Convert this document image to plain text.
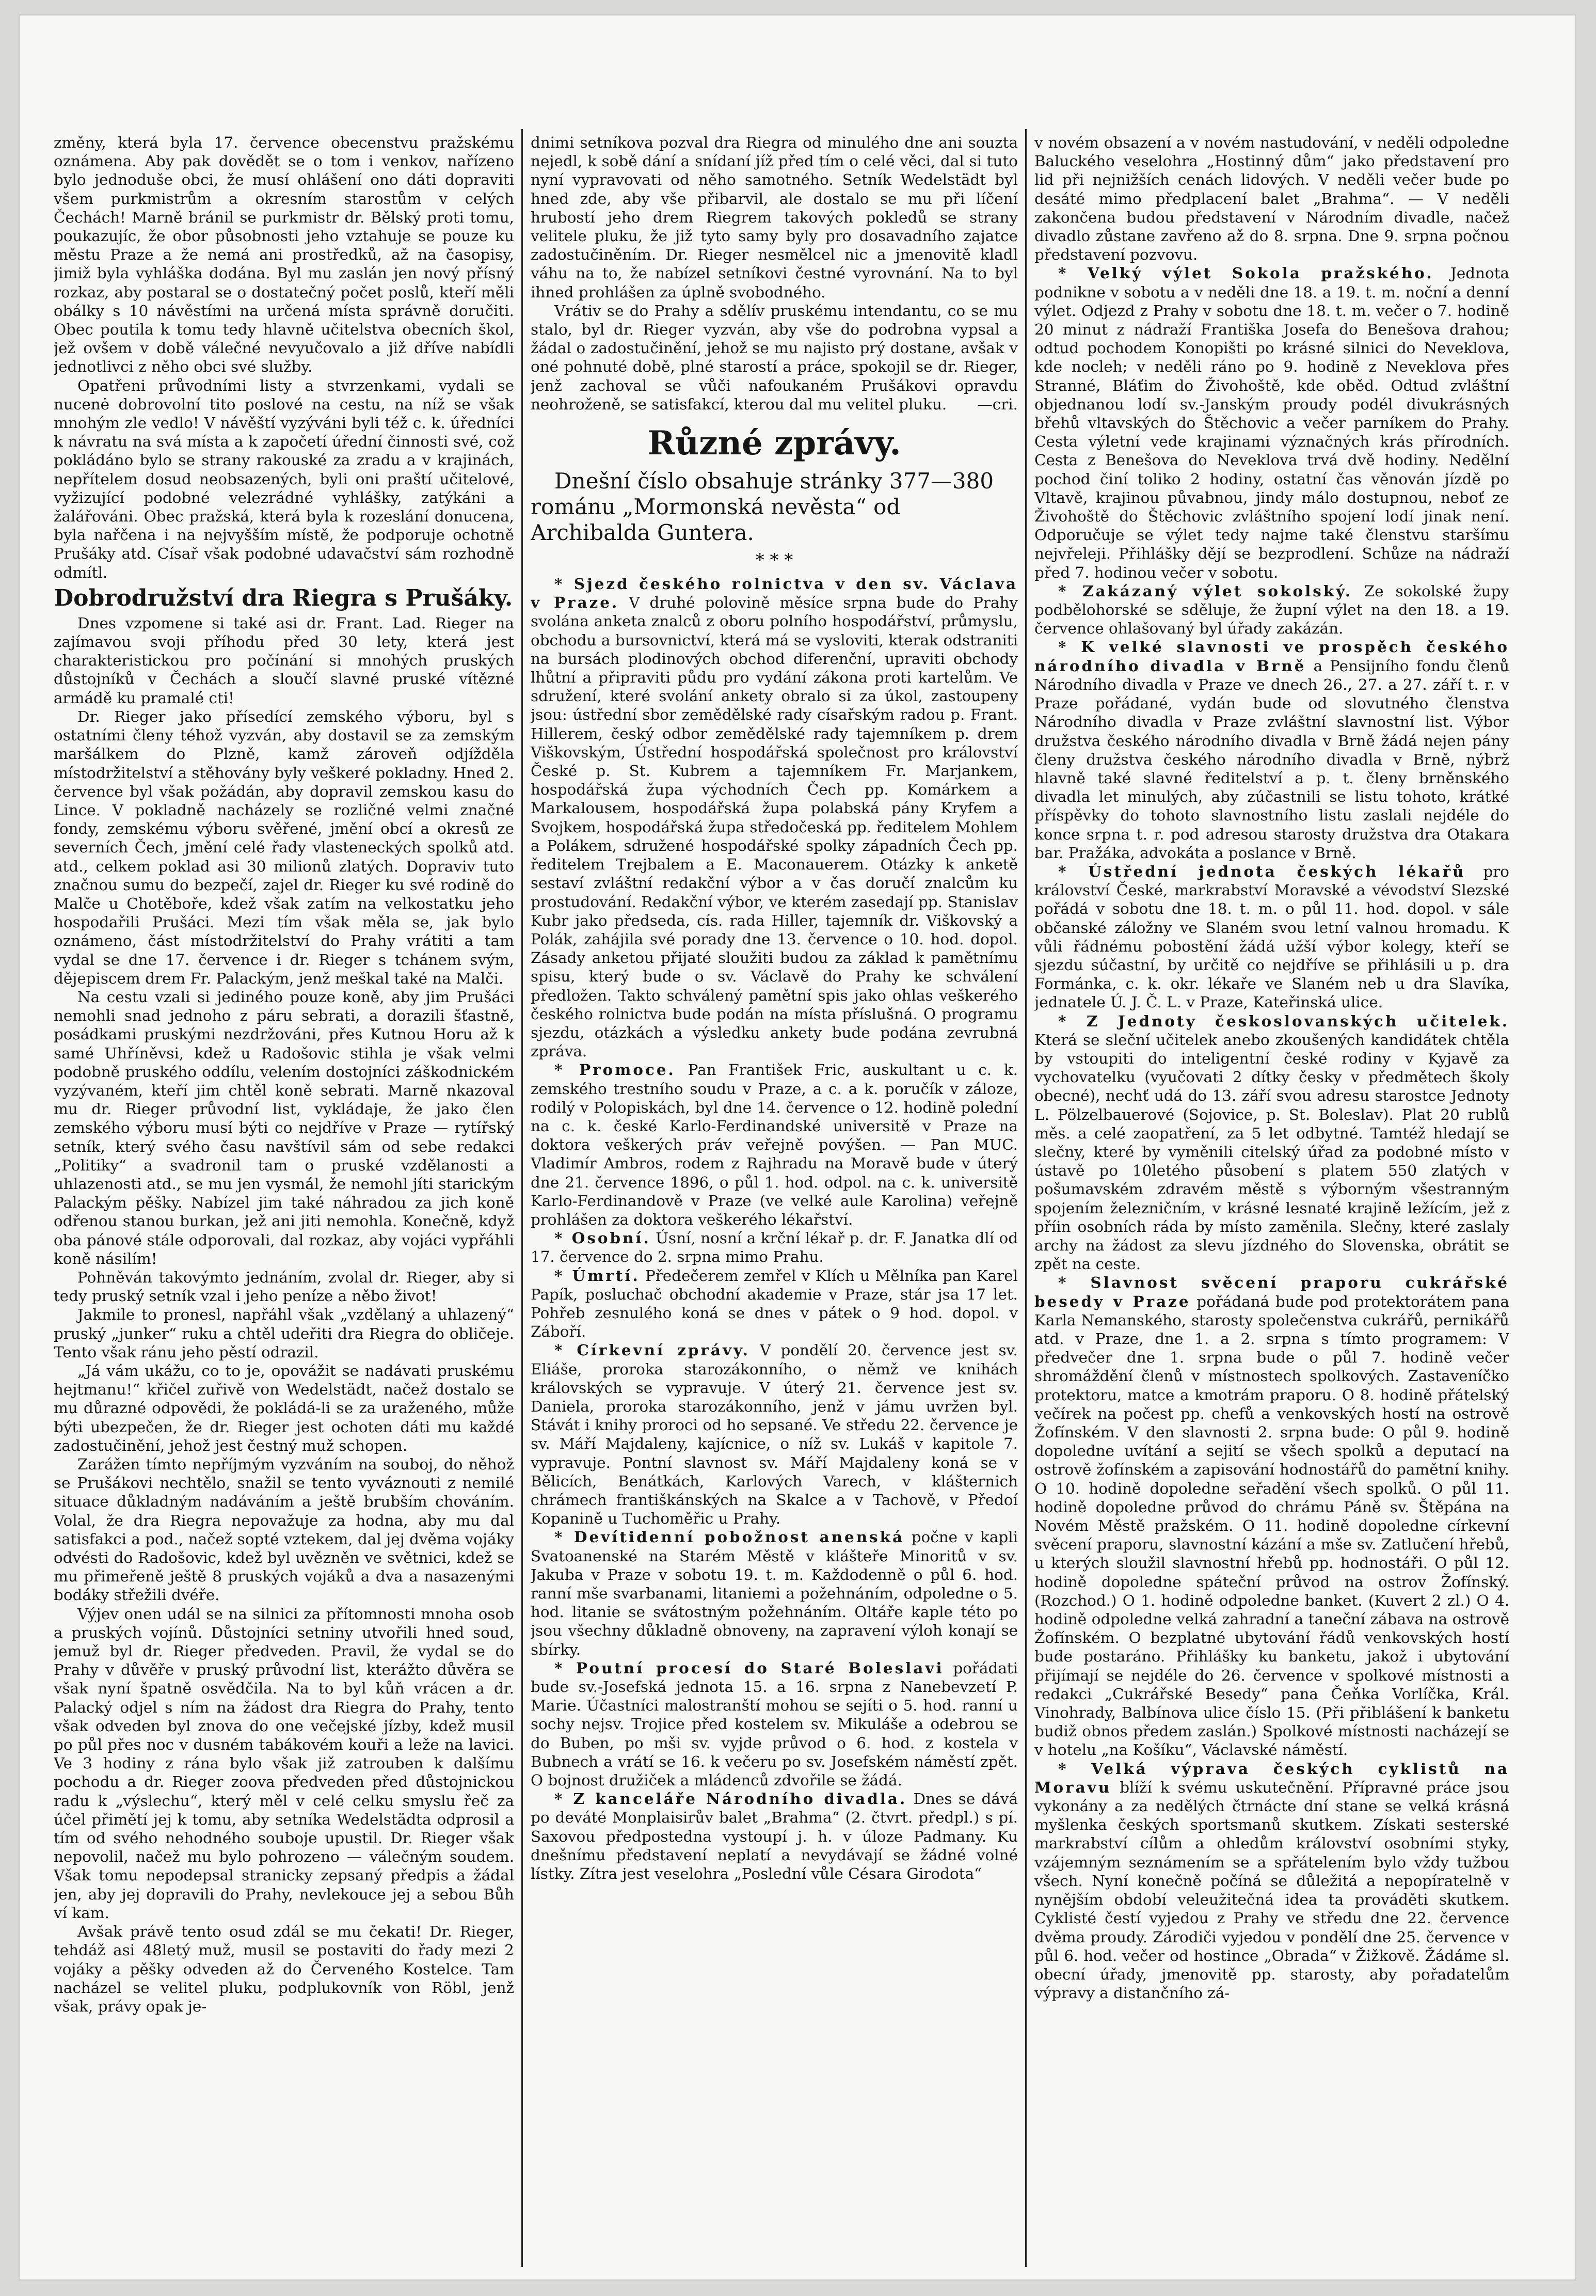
změny, která byla 17. července obecenstvu pražskému oznámena. Aby pak dovědět se o tom i venkov, nařízeno bylo jednoduše obci, že musí ohlášení ono dáti dopraviti všem purkmistrům a okresním starostům v celých Čechách! Marně bránil se purkmistr dr. Bělský proti tomu, poukazujíc, že obor působnosti jeho vztahuje se pouze ku městu Praze a že nemá ani prostředků, až na časopisy, jimiž byla vyhláška dodána. Byl mu zaslán jen nový přísný rozkaz, aby postaral se o dostatečný počet poslů, kteří měli obálky s 10 návěstími na určená místa správně doručiti. Obec poutila k tomu tedy hlavně učitelstva obecních škol, jež ovšem v době válečné nevyučovalo a již dříve nabídli jednotlivci z něho obci své služby.

Opatřeni průvodními listy a stvrzenkami, vydali se nucenė dobrovolní tito poslové na cestu, na níž se však mnohým zle vedlo! V návěští vyzýváni byli též c. k. úředníci k návratu na svá místa a k započetí úřední činnosti své, což pokládáno bylo se strany rakouské za zradu a v krajinách, nepřítelem dosud neobsazených, byli oni praští učitelové, vyžizující podobné velezrádné vyhlášky, zatýkáni a žalářováni. Obec pražská, která byla k rozeslání donucena, byla nařčena i na nejvyšším místě, že podporuje ochotně Prušáky atd. Císař však podobné udavačství sám rozhodně odmítl.

Dobrodružství dra Riegra s Prušáky.

Dnes vzpomene si také asi dr. Frant. Lad. Rieger na zajímavou svoji příhodu před 30 lety, která jest charakteristickou pro počínání si mnohých pruských důstojníků v Čechách a sloučí slavné pruské vítězné armádě ku pramalé cti!

Dr. Rieger jako přísedící zemského výboru, byl s ostatními členy téhož vyzván, aby dostavil se za zemským maršálkem do Plzně, kamž zároveň odjížděla místodržitelství a stěhovány byly veškeré pokladny. Hned 2. července byl však požádán, aby dopravil zemskou kasu do Lince. V pokladně nacházely se rozličné velmi značné fondy, zemskému výboru svěřené, jmění obcí a okresů ze severních Čech, jmění celé řady vlasteneckých spolků atd. atd., celkem poklad asi 30 milionů zlatých. Dopraviv tuto značnou sumu do bezpečí, zajel dr. Rieger ku své rodině do Malče u Chotěboře, kdež však zatím na velkostatku jeho hospodařili Prušáci. Mezi tím však měla se, jak bylo oznámeno, část místodržitelství do Prahy vrátiti a tam vydal se dne 17. července i dr. Rieger s tchánem svým, dějepiscem drem Fr. Palackým, jenž meškal také na Malči.

Na cestu vzali si jediného pouze koně, aby jim Prušáci nemohli snad jednoho z páru sebrati, a dorazili šťastně, posádkami pruskými nezdržováni, přes Kutnou Horu až k samé Uhříněvsi, kdež u Radošovic stihla je však velmi podobně pruského oddílu, velením dostojníci záškodnickém vyzývaném, kteří jim chtěl koně sebrati. Marně nkazoval mu dr. Rieger průvodní list, vykládaje, že jako člen zemského výboru musí býti co nejdříve v Praze — rytířský setník, který svého času navštívil sám od sebe redakci „Politiky“ a svadronil tam o pruské vzdělanosti a uhlazenosti atd., se mu jen vysmál, že nemohl jíti starickým Palackým pěšky. Nabízel jim také náhradou za jich koně odřenou stanou burkan, jež ani jiti nemohla. Konečně, když oba pánové stále odporovali, dal rozkaz, aby vojáci vypřáhli koně násilím!

Pohněván takovýmto jednáním, zvolal dr. Rieger, aby si tedy pruský setník vzal i jeho peníze a něbo život!

Jakmile to pronesl, napřáhl však „vzdělaný a uhlazený“ pruský „junker“ ruku a chtěl udeřiti dra Riegra do obličeje. Tento však ránu jeho pěstí odrazil.

„Já vám ukážu, co to je, opovážit se nadávati pruskému hejtmanu!“ křičel zuřivě von Wedelstädt, načež dostalo se mu důrazné odpovědi, že pokládá-li se za uraženého, může býti ubezpečen, že dr. Rieger jest ochoten dáti mu každé zadostučinění, jehož jest čestný muž schopen.

Zarážen tímto nepříjmým vyzváním na souboj, do něhož se Prušákovi nechtělo, snažil se tento vyváznouti z nemilé situace důkladným nadáváním a ještě brubším chováním. Volal, že dra Riegra nepovažuje za hodna, aby mu dal satisfakci a pod., načež sopté vztekem, dal jej dvěma vojáky odvésti do Radošovic, kdež byl uvězněn ve světnici, kdež se mu přimeřeně ještě 8 pruských vojáků a dva a nasazenými bodáky střežili dvéře.

Výjev onen udál se na silnici za přítomnosti mnoha osob a pruských vojínů. Důstojníci setniny utvořili hned soud, jemuž byl dr. Rieger předveden. Pravil, že vydal se do Prahy v důvěře v pruský průvodní list, kterážto důvěra se však nyní špatně osvědčila. Na to byl kůň vrácen a dr. Palacký odjel s ním na žádost dra Riegra do Prahy, tento však odveden byl znova do one večejské jízby, kdež musil po půl přes noc v dusném tabákovém kouři a leže na lavici. Ve 3 hodiny z rána bylo však již zatrouben k dalšímu pochodu a dr. Rieger zoova předveden před důstojnickou radu k „výslechu“, který měl v celé celku smyslu řeč za účel přimětí jej k tomu, aby setníka Wedelstädta odprosil a tím od svého nehodného souboje upustil. Dr. Rieger však nepovolil, načež mu bylo pohrozeno — válečným soudem. Však tomu nepodepsal stranicky zepsaný předpis a žádal jen, aby jej dopravili do Prahy, nevlekouce jej a sebou Bůh ví kam.

Avšak právě tento osud zdál se mu čekati! Dr. Rieger, tehdáž asi 48letý muž, musil se postaviti do řady mezi 2 vojáky a pěšky odveden až do Červeného Kostelce. Tam nacházel se velitel pluku, podplukovník von Röbl, jenž však, právy opak je-

dnimi setníkova pozval dra Riegra od minulého dne ani souzta nejedl, k sobě dání a snídaní jíž před tím o celé věci, dal si tuto nyní vypravovati od něho samotného. Setník Wedelstädt byl hned zde, aby vše přibarvil, ale dostalo se mu při líčení hrubostí jeho drem Riegrem takových pokledů se strany velitele pluku, že již tyto samy byly pro dosavadního zajatce zadostučiněním. Dr. Rieger nesmělcel nic a jmenovitě kladl váhu na to, že nabízel setníkovi čestné vyrovnání. Na to byl ihned prohlášen za úplně svobodného.

Vrátiv se do Prahy a sdělív pruskému intendantu, co se mu stalo, byl dr. Rieger vyzván, aby vše do podrobna vypsal a žádal o zadostučinění, jehož se mu najisto prý dostane, avšak v oné pohnuté době, plné starostí a práce, spokojil se dr. Rieger, jenž zachoval se vůči nafoukaném Prušákovi opravdu neohroženě, se satisfakcí, kterou dal mu velitel pluku. —cri.

Různé zprávy.

Dnešní číslo obsahuje stránky 377—380 románu „Mormonská nevěsta“ od Archibalda Guntera.

* * *

* Sjezd českého rolnictva v den sv. Václava v Praze. V druhé polovině měsíce srpna bude do Prahy svolána anketa znalců z oboru polního hospodářství, průmyslu, obchodu a bursovnictví, která má se vysloviti, kterak odstraniti na bursách plodinových obchod diferenční, upraviti obchody lhůtní a připraviti půdu pro vydání zákona proti kartelům. Ve sdružení, které svolání ankety obralo si za úkol, zastoupeny jsou: ústřední sbor zemědělské rady císařským radou p. Frant. Hillerem, český odbor zemědělské rady tajemníkem p. drem Viškovským, Ústřední hospodářská společnost pro království České p. St. Kubrem a tajemníkem Fr. Marjankem, hospodářská župa východních Čech pp. Komárkem a Markalousem, hospodářská župa polabská pány Kryfem a Svojkem, hospodářská župa středočeská pp. ředitelem Mohlem a Polákem, sdružené hospodářské spolky západních Čech pp. ředitelem Trejbalem a E. Maconauerem. Otázky k anketě sestaví zvláštní redakční výbor a v čas doručí znalcům ku prostudování. Redakční výbor, ve kterém zasedají pp. Stanislav Kubr jako předseda, cís. rada Hiller, tajemník dr. Viškovský a Polák, zahájila své porady dne 13. července o 10. hod. dopol. Zásady anketou přijaté sloužiti budou za základ k pamětnímu spisu, který bude o sv. Václavě do Prahy ke schválení předložen. Takto schválený pamětní spis jako ohlas veškerého českého rolnictva bude podán na místa příslušná. O programu sjezdu, otázkách a výsledku ankety bude podána zevrubná zpráva.

* Promoce. Pan František Fric, auskultant u c. k. zemského trestního soudu v Praze, a c. a k. poručík v záloze, rodilý v Polopiskách, byl dne 14. července o 12. hodině polední na c. k. české Karlo-Ferdinandské universitě v Praze na doktora veškerých práv veřejně povýšen. — Pan MUC. Vladimír Ambros, rodem z Rajhradu na Moravě bude v úterý dne 21. července 1896, o půl 1. hod. odpol. na c. k. universitě Karlo-Ferdinandově v Praze (ve velké aule Karolina) veřejně prohlášen za doktora veškerého lékařství.

* Osobní. Úsní, nosní a krční lékař p. dr. F. Janatka dlí od 17. července do 2. srpna mimo Prahu.

* Úmrtí. Předečerem zemřel v Klích u Mělníka pan Karel Papík, posluchač obchodní akademie v Praze, stár jsa 17 let. Pohřeb zesnulého koná se dnes v pátek o 9 hod. dopol. v Záboří.

* Církevní zprávy. V pondělí 20. července jest sv. Eliáše, proroka starozákonního, o němž ve knihách královských se vypravuje. V úterý 21. července jest sv. Daniela, proroka starozákonního, jenž v jámu uvržen byl. Stávát i knihy proroci od ho sepsané. Ve středu 22. července je sv. Máří Majdaleny, kajícnice, o níž sv. Lukáš v kapitole 7. vypravuje. Pontní slavnost sv. Máří Majdaleny koná se v Bělicích, Benátkách, Karlových Varech, v klášternich chrámech františkánských na Skalce a v Tachově, v Předoí Kopanině u Tuchoměřic u Prahy.

* Devítidenní pobožnost anenská počne v kapli Svatoanenské na Starém Městě v klášteře Minoritů v sv. Jakuba v Praze v sobotu 19. t. m. Každodenně o půl 6. hod. ranní mše svarbanami, litaniemi a požehnáním, odpoledne o 5. hod. litanie se svátostným požehnáním. Oltáře kaple této po jsou všechny důkladně obnoveny, na zapravení výloh konají se sbírky.

* Poutní procesí do Staré Boleslavi pořádati bude sv.-Josefská jednota 15. a 16. srpna z Nanebevzetí P. Marie. Účastníci malostranští mohou se sejíti o 5. hod. ranní u sochy nejsv. Trojice před kostelem sv. Mikuláše a odebrou se do Buben, po mši sv. vyjde průvod o 6. hod. z kostela v Bubnech a vrátí se 16. k večeru po sv. Josefském náměstí zpět. O bojnost družiček a mládenců zdvořile se žádá.

* Z kanceláře Národního divadla. Dnes se dává po deváté Monplaisirův balet „Brahma“ (2. čtvrt. předpl.) s pí. Saxovou předpostedna vystoupí j. h. v úloze Padmany. Ku dnešnímu představení neplatí a nevydávají se žádné volné lístky. Zítra jest veselohra „Poslední vůle Césara Girodota“

v novém obsazení a v novém nastudování, v neděli odpoledne Baluckého veselohra „Hostinný dům“ jako představení pro lid při nejnižších cenách lidových. V neděli večer bude po desáté mimo předplacení balet „Brahma“. — V neděli zakončena budou představení v Národním divadle, načež divadlo zůstane zavřeno až do 8. srpna. Dne 9. srpna počnou představení pozvovu.

* Velký výlet Sokola pražského. Jednota podnikne v sobotu a v neděli dne 18. a 19. t. m. noční a denní výlet. Odjezd z Prahy v sobotu dne 18. t. m. večer o 7. hodině 20 minut z nádraží Františka Josefa do Benešova drahou; odtud pochodem Konopišti po krásné silnici do Neveklova, kde nocleh; v neděli ráno po 9. hodině z Neveklova přes Stranné, Bláťim do Živohoště, kde oběd. Odtud zvláštní objednanou lodí sv.-Janským proudy podél divukrásných břehů vltavských do Štěchovic a večer parníkem do Prahy. Cesta výletní vede krajinami význačných krás přírodních. Cesta z Benešova do Neveklova trvá dvě hodiny. Nedělní pochod činí toliko 2 hodiny, ostatní čas věnován jízdě po Vltavě, krajinou půvabnou, jindy málo dostupnou, neboť ze Živohoště do Štěchovic zvláštního spojení lodí jinak není. Odporučuje se výlet tedy najme také členstvu staršímu nejvřeleji. Přihlášky dějí se bezprodlení. Schůze na nádraží před 7. hodinou večer v sobotu.

* Zakázaný výlet sokolský. Ze sokolské župy podbělohorské se sděluje, že župní výlet na den 18. a 19. července ohlašovaný byl úřady zakázán.

* K velké slavnosti ve prospěch českého národního divadla v Brně a Pensijního fondu členů Národního divadla v Praze ve dnech 26., 27. a 27. září t. r. v Praze pořádané, vydán bude od slovutného členstva Národního divadla v Praze zvláštní slavnostní list. Výbor družstva českého národního divadla v Brně žádá nejen pány členy družstva českého národního divadla v Brně, nýbrž hlavně také slavné ředitelství a p. t. členy brněnského divadla let minulých, aby zúčastnili se listu tohoto, krátké příspěvky do tohoto slavnostního listu zaslali nejdéle do konce srpna t. r. pod adresou starosty družstva dra Otakara bar. Pražáka, advokáta a poslance v Brně.

* Ústřední jednota českých lékařů pro království České, markrabství Moravské a vévodství Slezské pořádá v sobotu dne 18. t. m. o půl 11. hod. dopol. v sále občanské záložny ve Slaném svou letní valnou hromadu. K vůli řádnému pobostění žádá užší výbor kolegy, kteří se sjezdu súčastní, by určitě co nejdříve se přihlásili u p. dra Formánka, c. k. okr. lékaře ve Slaném neb u dra Slavíka, jednatele Ú. J. Č. L. v Praze, Kateřinská ulice.

* Z Jednoty českoslovanských učitelek. Která se sleční učitelek anebo zkoušených kandidátek chtěla by vstoupiti do inteligentní české rodiny v Kyjavě za vychovatelku (vyučovati 2 dítky česky v předmětech školy obecné), nechť udá do 13. září svou adresu starostce Jednoty L. Pölzelbauerové (Sojovice, p. St. Boleslav). Plat 20 rublů měs. a celé zaopatření, za 5 let odbytné. Tamtéž hledají se slečny, které by vyměnili citelský úřad za podobné místo v ústavě po 10letého působení s platem 550 zlatých v pošumavském zdravém městě s výborným všestranným spojením železničním, v krásné lesnaté krajině ležícím, jež z příin osobních ráda by místo zaměnila. Slečny, které zaslaly archy na žádost za slevu jízdného do Slovenska, obrátit se zpět na ceste.

* Slavnost svěcení praporu cukrářské besedy v Praze pořádaná bude pod protektorátem pana Karla Nemanského, starosty společenstva cukrářů, pernikářů atd. v Praze, dne 1. a 2. srpna s tímto programem: V předvečer dne 1. srpna bude o půl 7. hodině večer shromáždění členů v místnostech spolkových. Zastaveníčko protektoru, matce a kmotrám praporu. O 8. hodině přátelský večírek na počest pp. chefů a venkovských hostí na ostrově Žofínském. V den slavnosti 2. srpna bude: O půl 9. hodině dopoledne uvítání a sejití se všech spolků a deputací na ostrově žofínském a zapisování hodnostářů do pamětní knihy. O 10. hodině dopoledne seřadění všech spolků. O půl 11. hodině dopoledne průvod do chrámu Páně sv. Štěpána na Novém Městě pražském. O 11. hodině dopoledne církevní svěcení praporu, slavnostní kázání a mše sv. Zatlučení hřebů, u kterých sloužil slavnostní hřebů pp. hodnostáři. O půl 12. hodině dopoledne spáteční průvod na ostrov Žofínský. (Rozchod.) O 1. hodině odpoledne banket. (Kuvert 2 zl.) O 4. hodině odpoledne velká zahradní a taneční zábava na ostrově Žofínském. O bezplatné ubytování řádů venkovských hostí bude postaráno. Přihlášky ku banketu, jakož i ubytování přijímají se nejdéle do 26. července v spolkové místnosti a redakci „Cukrářské Besedy“ pana Čeňka Vorlíčka, Král. Vinohrady, Balbínova ulice číslo 15. (Při přiblášení k banketu budiž obnos předem zaslán.) Spolkové místnosti nacházejí se v hotelu „na Košíku“, Václavské náměstí.

* Velká výprava českých cyklistů na Moravu blíží k svému uskutečnění. Přípravné práce jsou vykonány a za nedělých čtrnácte dní stane se velká krásná myšlenka českých sportsmanů skutkem. Získati sesterské markrabství cílům a ohledům království osobními styky, vzájemným seznámením se a spřátelením bylo vždy tužbou všech. Nyní konečně počíná se důležitá a nepopíratelně v nynějším období veleužitečná idea ta prováděti skutkem. Cyklisté čestí vyjedou z Prahy ve středu dne 22. července dvěma proudy. Zárodiči vyjedou v pondělí dne 25. července v půl 6. hod. večer od hostince „Obrada“ v Žižkově. Žádáme sl. obecní úřady, jmenovitě pp. starosty, aby pořadatelům výpravy a distančního zá-
